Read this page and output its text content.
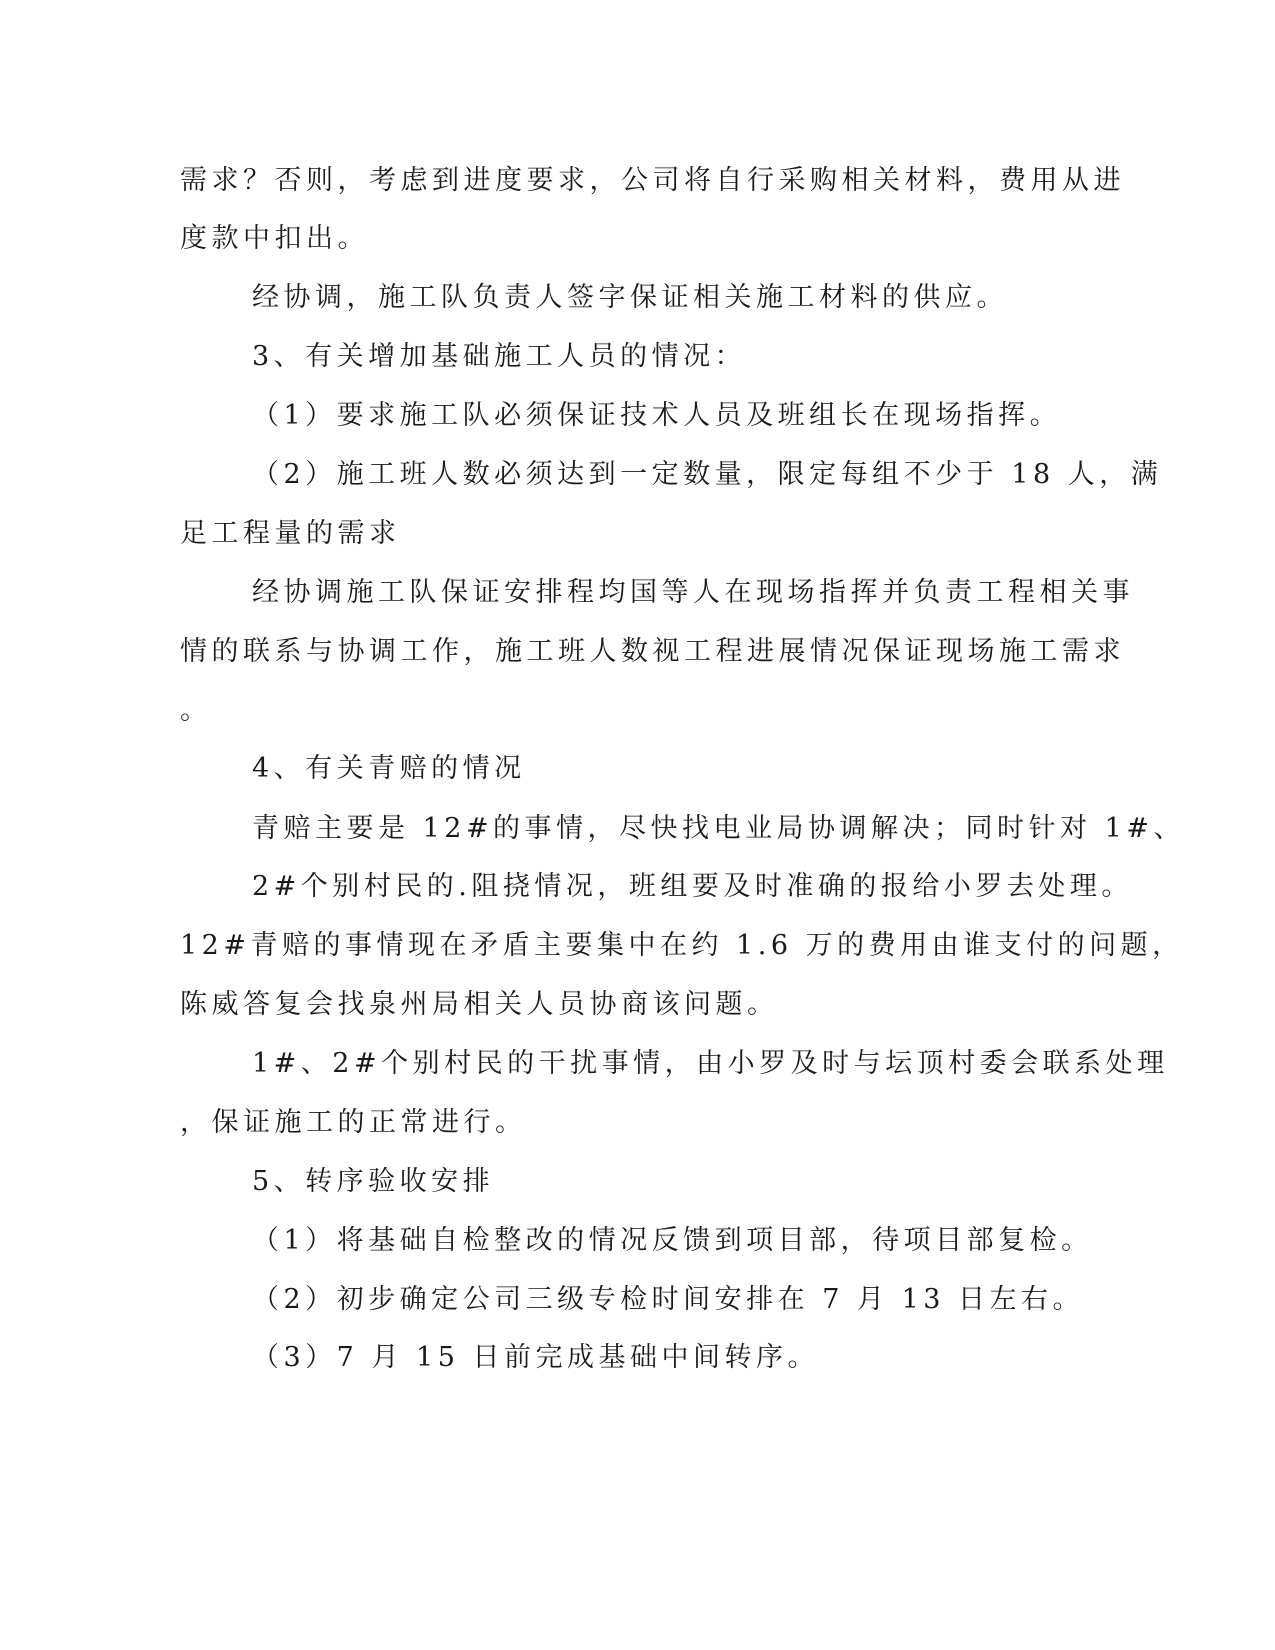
需求？否则，考虑到进度要求，公司将自行采购相关材料，费用从进
度款中扣出。
经协调，施工队负责人签字保证相关施工材料的供应。
3、有关增加基础施工人员的情况：
（1）要求施工队必须保证技术人员及班组长在现场指挥。
（2）施工班人数必须达到一定数量，限定每组不少于 18 人，满
足工程量的需求
经协调施工队保证安排程均国等人在现场指挥并负责工程相关事
情的联系与协调工作，施工班人数视工程进展情况保证现场施工需求
。
4、有关青赔的情况
青赔主要是 12#的事情，尽快找电业局协调解决；同时针对 1#、
2#个别村民的.阻挠情况，班组要及时准确的报给小罗去处理。
12#青赔的事情现在矛盾主要集中在约 1.6 万的费用由谁支付的问题，
陈威答复会找泉州局相关人员协商该问题。
1#、2#个别村民的干扰事情，由小罗及时与坛顶村委会联系处理
，保证施工的正常进行。
5、转序验收安排
（1）将基础自检整改的情况反馈到项目部，待项目部复检。
（2）初步确定公司三级专检时间安排在 7 月 13 日左右。
（3）7 月 15 日前完成基础中间转序。
